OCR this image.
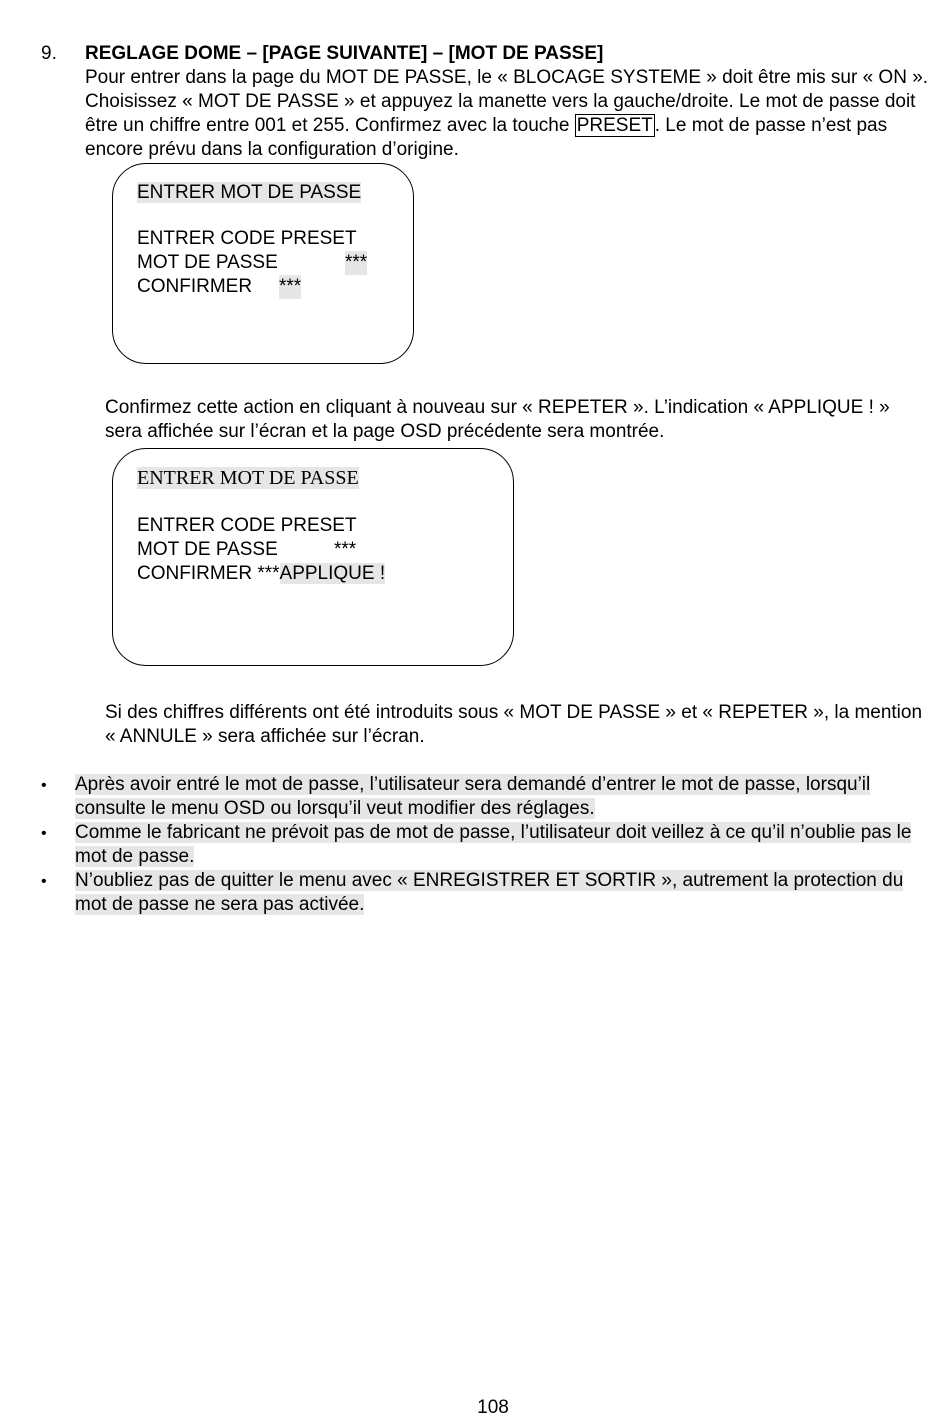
9. REGLAGE DOME – [PAGE SUIVANTE] – [MOT DE PASSE]
Pour entrer dans la page du MOT DE PASSE, le « BLOCAGE SYSTEME » doit être mis sur « ON ». Choisissez « MOT DE PASSE » et appuyez la manette vers la gauche/droite. Le mot de passe doit être un chiffre entre 001 et 255. Confirmez avec la touche PRESET . Le mot de passe n’est pas encore prévu dans la configuration d’origine.
ENTRER MOT DE PASSE
ENTRER CODE PRESET
MOT DE PASSE	***
CONFIRMER ***
Confirmez cette action en cliquant à nouveau sur « REPETER ». L’indication « APPLIQUE ! » sera affichée sur l’écran et la page OSD précédente sera montrée.
ENTRER MOT DE PASSE
ENTRER CODE PRESET
MOT DE PASSE	***
CONFIRMER ***APPLIQUE !
Si des chiffres différents ont été introduits sous « MOT DE PASSE » et « REPETER », la mention « ANNULE » sera affichée sur l’écran.
• Après avoir entré le mot de passe, l’utilisateur sera demandé d’entrer le mot de passe, lorsqu’il consulte le menu OSD ou lorsqu’il veut modifier des réglages.
• Comme le fabricant ne prévoit pas de mot de passe, l’utilisateur doit veillez à ce qu’il n’oublie pas le mot de passe.
• N’oubliez pas de quitter le menu avec « ENREGISTRER ET SORTIR », autrement la protection du mot de passe ne sera pas activée.
108
